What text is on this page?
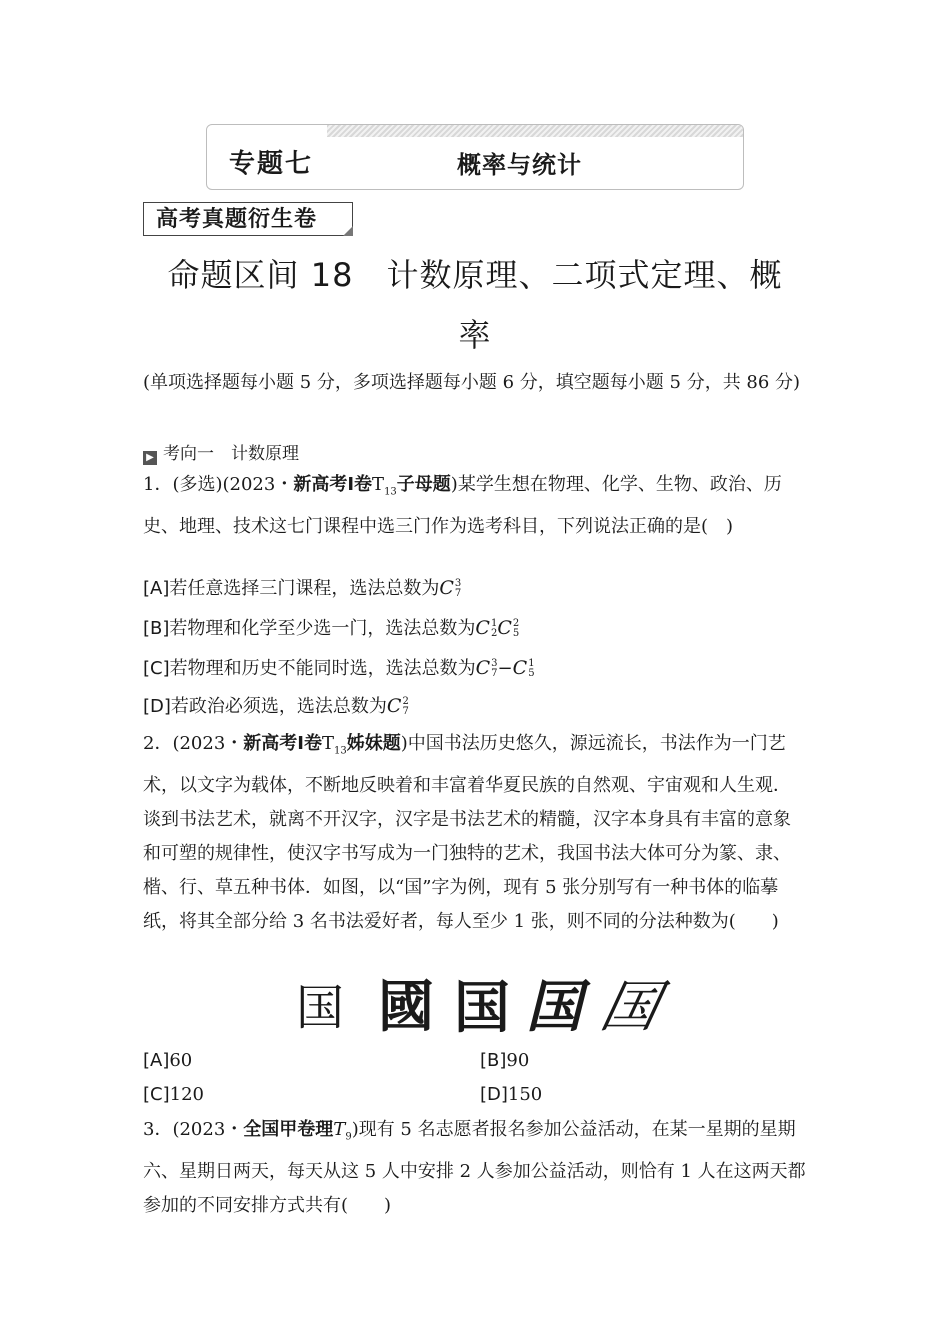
专题七	概率与统计
高考真题衍生卷
命题区间 18　计数原理、二项式定理、概
率
(单项选择题每小题 5 分，多项选择题每小题 6 分，填空题每小题 5 分，共 86 分)
▶ 考向一　计数原理
1．(多选)(2023・新高考Ⅰ卷$T_{13}$子母题)某学生想在物理、化学、生物、政治、历史、地理、技术这七门课程中选三门作为选考科目，下列说法正确的是(　)
[A]若任意选择三门课程，选法总数为C3
7
[B]若物理和化学至少选一门，选法总数为C1
2C2
5
[C]若物理和历史不能同时选，选法总数为C3
7−C1
5
[D]若政治必须选，选法总数为C2
7
2．(2023・新高考Ⅰ卷$T_{13}$姊妹题)中国书法历史悠久，源远流长，书法作为一门艺术，以文字为载体，不断地反映着和丰富着华夏民族的自然观、宇宙观和人生观．谈到书法艺术，就离不开汉字，汉字是书法艺术的精髓，汉字本身具有丰富的意象和可塑的规律性，使汉字书写成为一门独特的艺术，我国书法大体可分为篆、隶、楷、行、草五种书体．如图，以“国”字为例，现有 5 张分别写有一种书体的临摹纸，将其全部分给 3 名书法爱好者，每人至少 1 张，则不同的分法种数为(　　)
国 國 国 国 国
[A]60	[B]90
[C]120	[D]150
3．(2023・全国甲卷理$T_9$)现有 5 名志愿者报名参加公益活动，在某一星期的星期六、星期日两天，每天从这 5 人中安排 2 人参加公益活动，则恰有 1 人在这两天都参加的不同安排方式共有(　　)
